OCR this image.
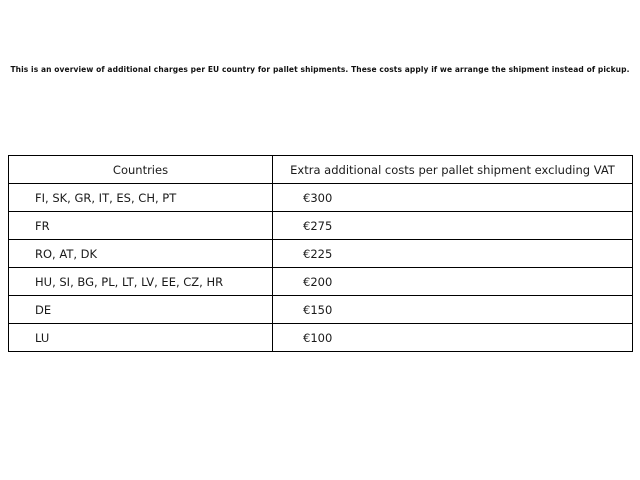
This is an overview of additional charges per EU country for pallet shipments. These costs apply if we arrange the shipment instead of pickup.
Countries	Extra additional costs per pallet shipment excluding VAT
FI, SK, GR, IT, ES, CH, PT	€300
FR	€275
RO, AT, DK	€225
HU, SI, BG, PL, LT, LV, EE, CZ, HR	€200
DE	€150
LU	€100
